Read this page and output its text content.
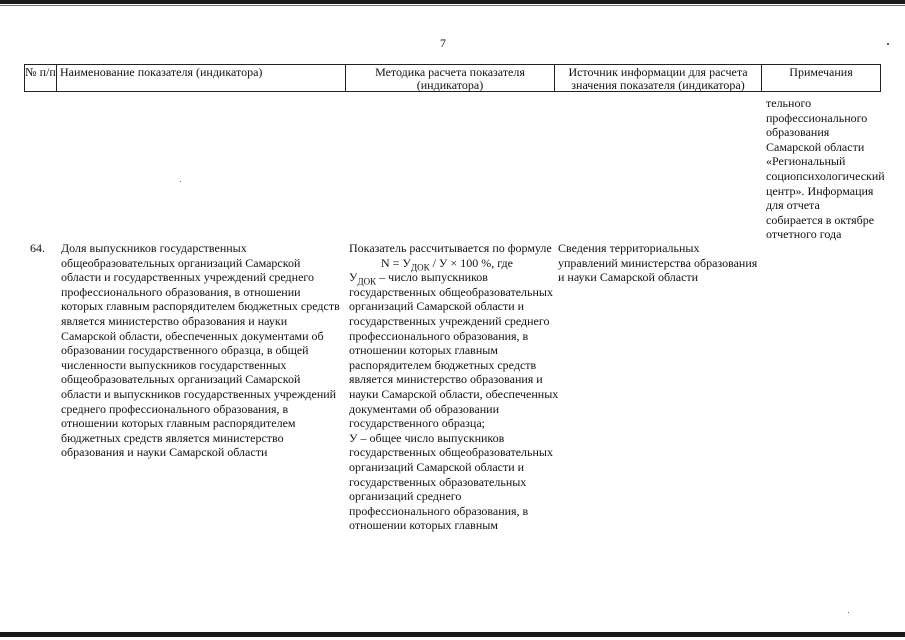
7
№ п/п Наименование показателя (индикатора)	Методика расчета показателя (индикатора)
Источник информации для расчета значения показателя (индикатора)
Примечания
тельного профессионального образования Самарской области «Региональный социопсихологический центр». Информация для отчета собирается в октябре отчетного года
64. Доля выпускников государственных общеобразовательных организаций Самарской области и государственных учреждений среднего профессионального образования, в отношении которых главным распорядителем бюджетных средств является министерство образования и науки Самарской области, обеспеченных документами об образовании государственного образца, в общей численности выпускников государственных общеобразовательных организаций Самарской области и выпускников государственных учреждений среднего профессионального образования, в отношении которых главным распорядителем бюджетных средств является министерство образования и науки Самарской области
Показатель рассчитывается по формуле
$N = У_{ДОК} / У \times 100$ %, где
$У_{ДОК}$ – число выпускников государственных общеобразовательных организаций Самарской области и государственных учреждений среднего профессионального образования, в отношении которых главным распорядителем бюджетных средств является министерство образования и науки Самарской области, обеспеченных документами об образовании государственного образца;
У – общее число выпускников государственных общеобразовательных организаций Самарской области и государственных образовательных организаций среднего профессионального образования, в отношении которых главным
Сведения территориальных управлений министерства образования и науки Самарской области
